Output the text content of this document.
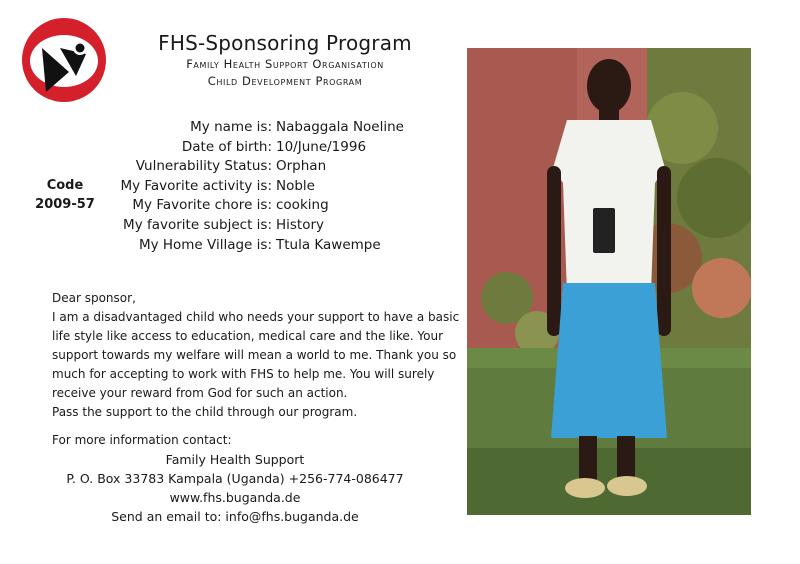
FHS-Sponsoring Program
Family Health Support Organisation
Child Development Program
Code
2009-57
My name is: Nabaggala Noeline
Date of birth: 10/June/1996
Vulnerability Status: Orphan
My Favorite activity is: Noble
My Favorite chore is: cooking
My favorite subject is: History
My Home Village is: Ttula Kawempe

Dear sponsor,

I am a disadvantaged child who needs your support to have a basic life style like access to education, medical care and the like. Your support towards my welfare will mean a world to me. Thank you so much for accepting to work with FHS to help me. You will surely receive your reward from God for such an action.

Pass the support to the child through our program.

For more information contact:
Family Health Support
P. O. Box 33783 Kampala (Uganda) +256-774-086477
www.fhs.buganda.de
Send an email to: info@fhs.buganda.de
